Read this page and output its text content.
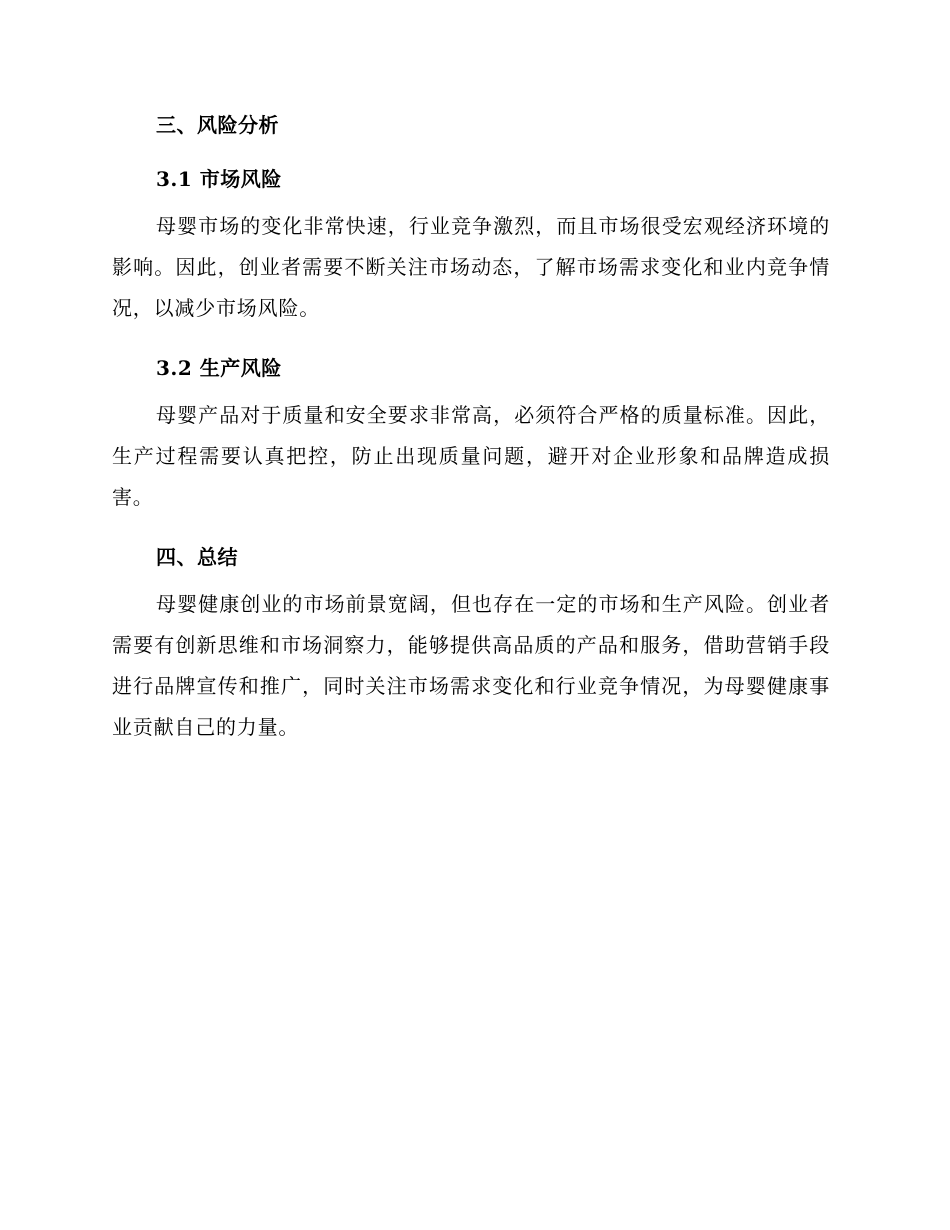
三、风险分析
3.1 市场风险

母婴市场的变化非常快速，行业竞争激烈，而且市场很受宏观经济环境的影响。因此，创业者需要不断关注市场动态，了解市场需求变化和业内竞争情况，以减少市场风险。

3.2 生产风险

母婴产品对于质量和安全要求非常高，必须符合严格的质量标准。因此，生产过程需要认真把控，防止出现质量问题，避开对企业形象和品牌造成损害。

四、总结

母婴健康创业的市场前景宽阔，但也存在一定的市场和生产风险。创业者需要有创新思维和市场洞察力，能够提供高品质的产品和服务，借助营销手段进行品牌宣传和推广，同时关注市场需求变化和行业竞争情况，为母婴健康事业贡献自己的力量。
